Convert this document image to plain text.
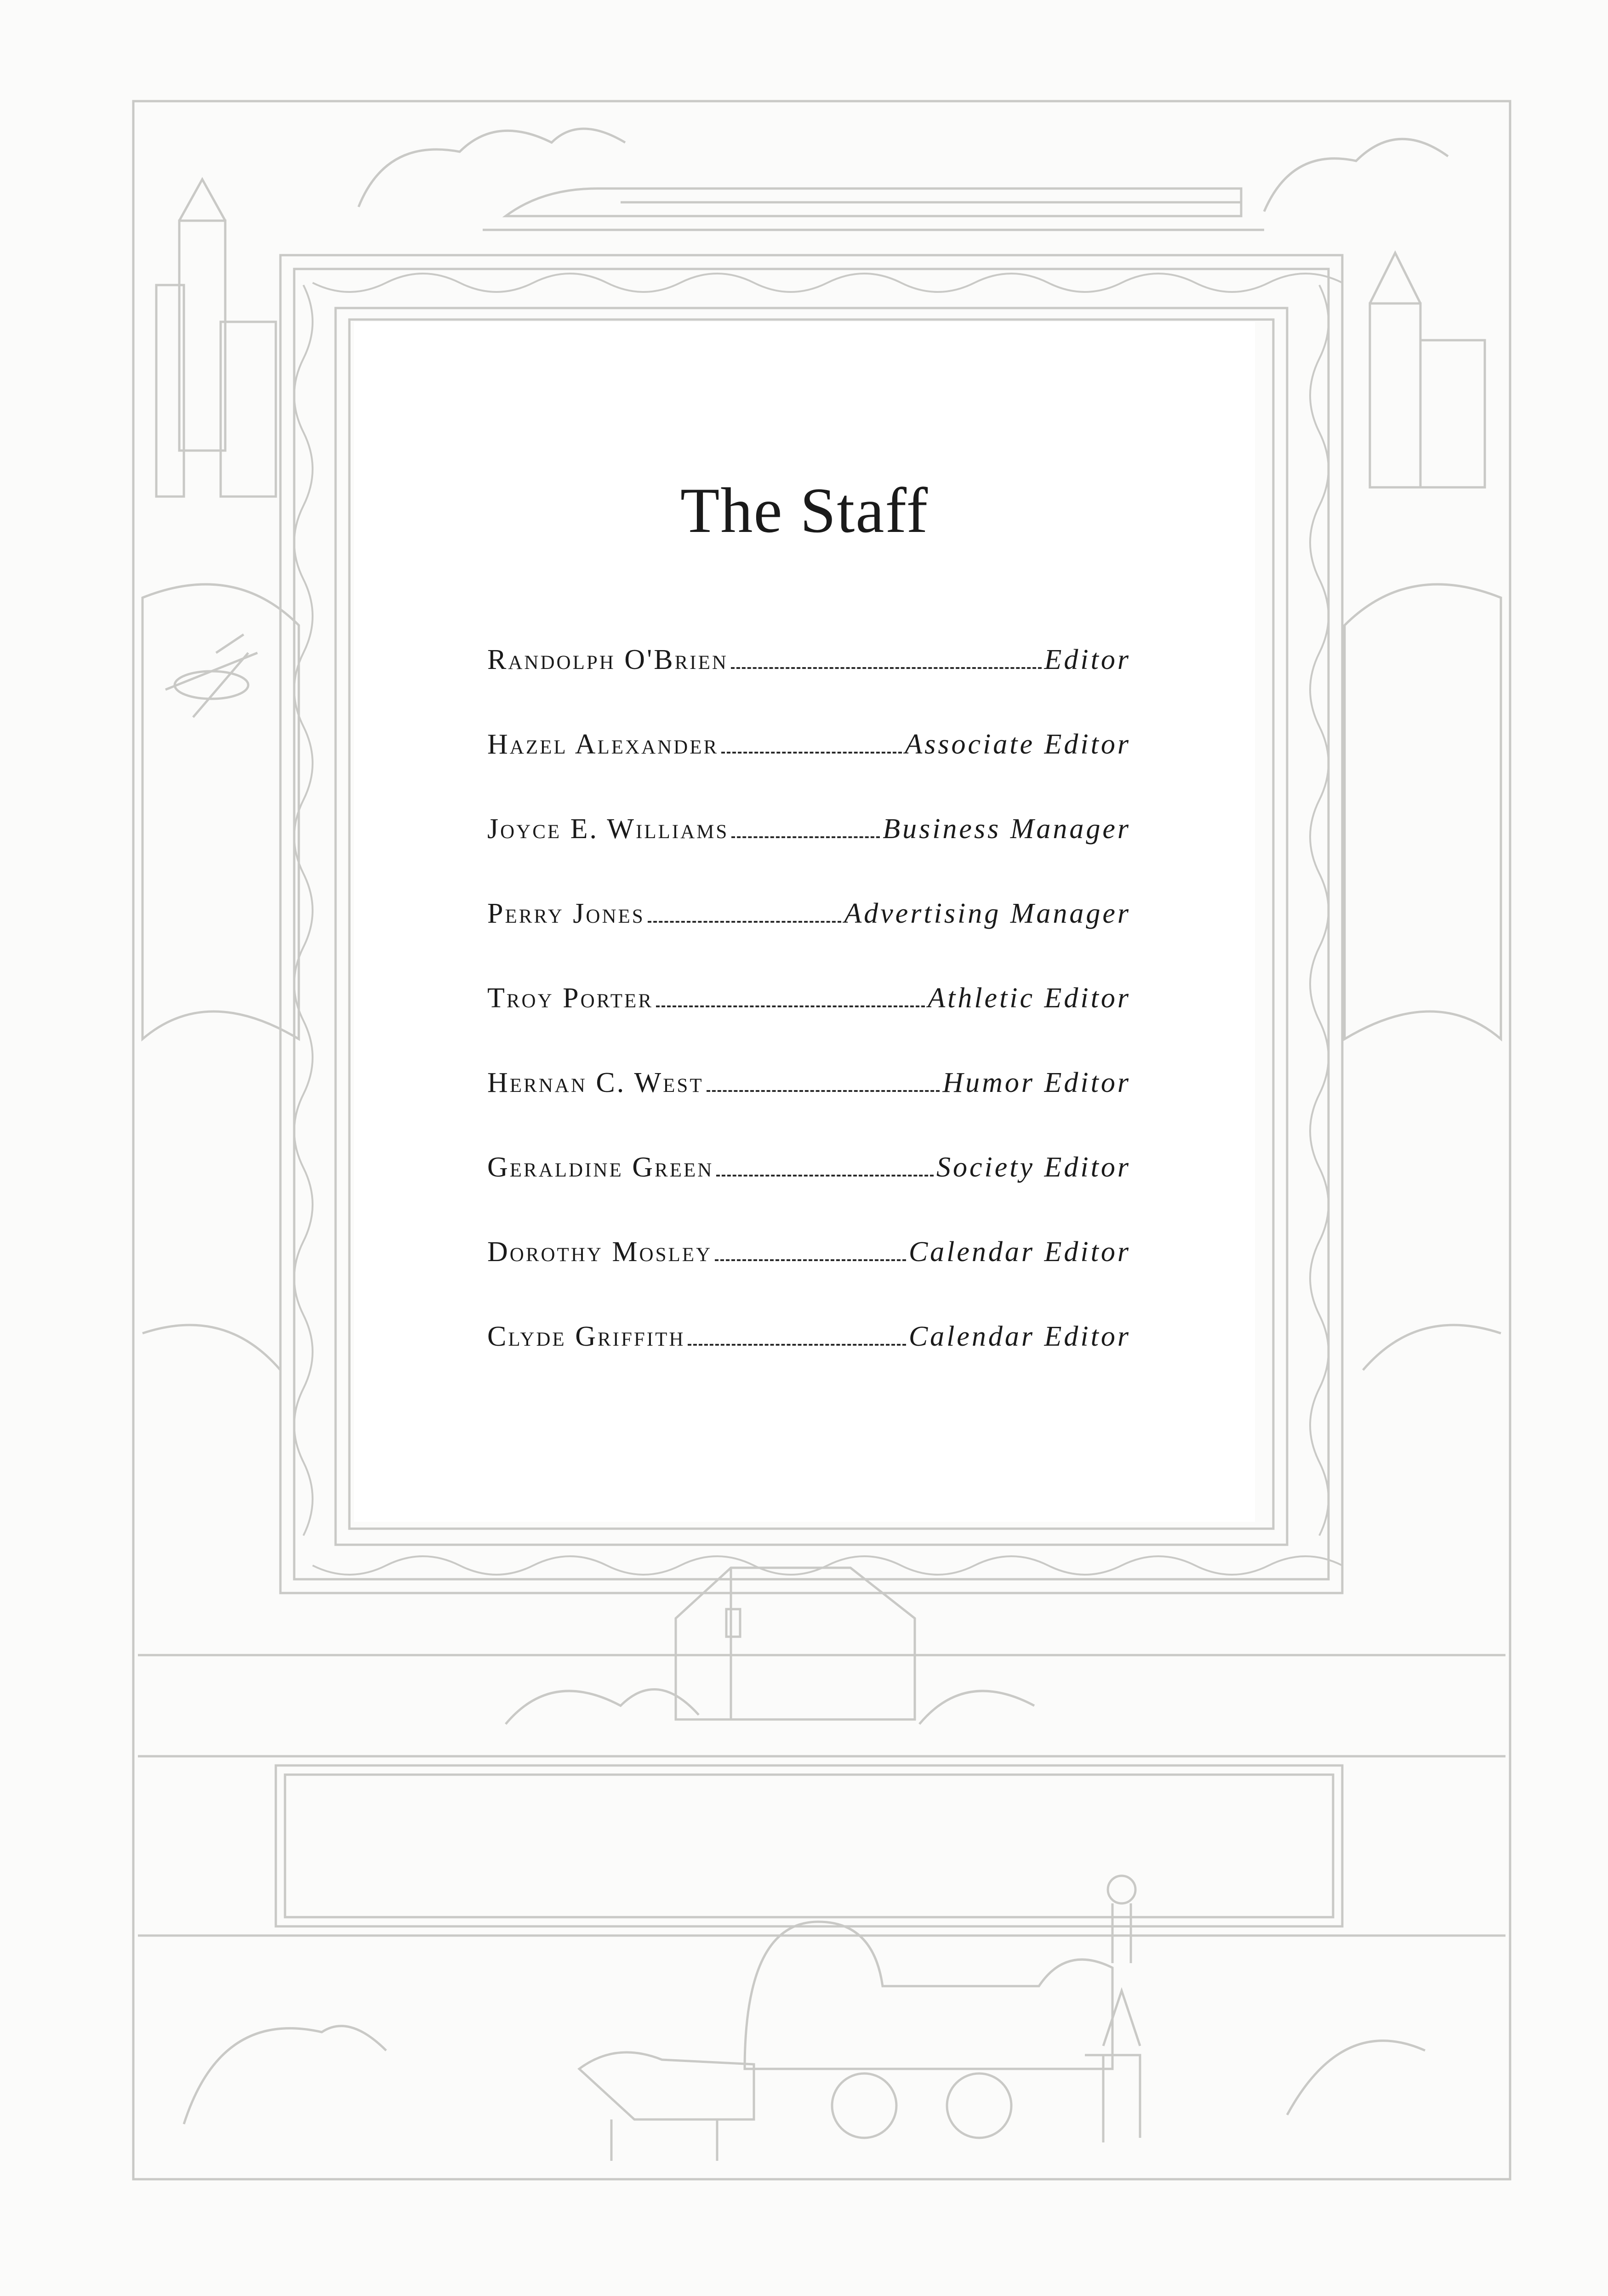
The Staff
Randolph O'Brien	Editor
Hazel Alexander	Associate Editor
Joyce E. Williams	Business Manager
Perry Jones	Advertising Manager
Troy Porter	Athletic Editor
Hernan C. West	Humor Editor
Geraldine Green	Society Editor
Dorothy Mosley	Calendar Editor
Clyde Griffith	Calendar Editor
